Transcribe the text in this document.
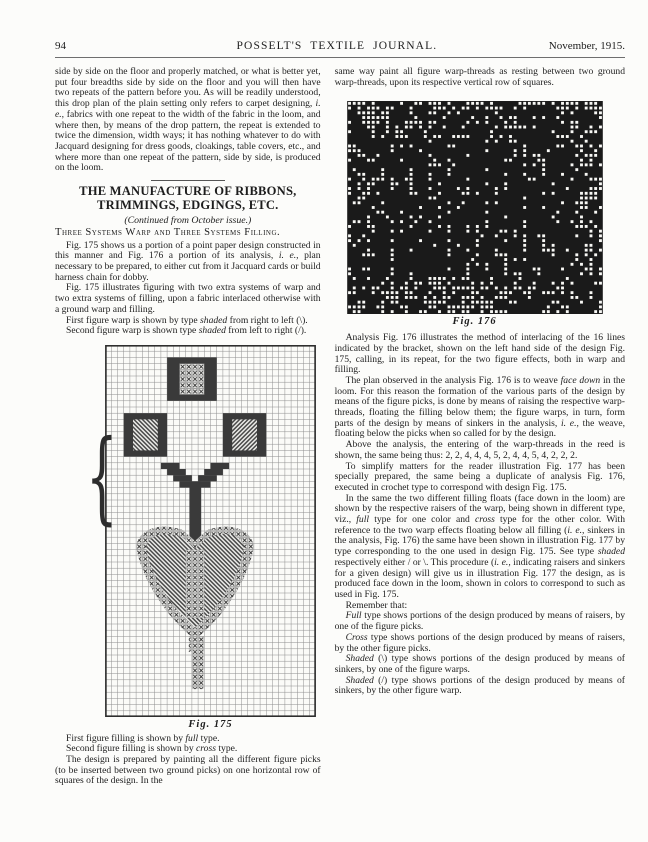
94	POSSELT'S TEXTILE JOURNAL.	November, 1915.

side by side on the floor and properly matched, or what is better yet, put four breadths side by side on the floor and you will then have two repeats of the pattern before you. As will be readily understood, this drop plan of the plain setting only refers to carpet designing, i. e., fabrics with one repeat to the width of the fabric in the loom, and where then, by means of the drop pattern, the repeat is extended to twice the dimension, width ways; it has nothing whatever to do with Jacquard designing for dress goods, cloakings, table covers, etc., and where more than one repeat of the pattern, side by side, is produced on the loom.

THE MANUFACTURE OF RIBBONS,
TRIMMINGS, EDGINGS, ETC.
(Continued from October issue.)
Three Systems Warp and Three Systems Filling.

Fig. 175 shows us a portion of a point paper design constructed in this manner and Fig. 176 a portion of its analysis, i. e., plan necessary to be prepared, to either cut from it Jacquard cards or build harness chain for dobby.

Fig. 175 illustrates figuring with two extra systems of warp and two extra systems of filling, upon a fabric interlaced otherwise with a ground warp and filling.

First figure warp is shown by type shaded from right to left (\).

Second figure warp is shown type shaded from left to right (/).

{
Fig. 175

First figure filling is shown by full type.

Second figure filling is shown by cross type.

The design is prepared by painting all the different figure picks (to be inserted between two ground picks) on one horizontal row of squares of the design. In the

same way paint all figure warp-threads as resting between two ground warp-threads, upon its respective vertical row of squares.

Fig. 176

Analysis Fig. 176 illustrates the method of interlacing of the 16 lines indicated by the bracket, shown on the left hand side of the design Fig. 175, calling, in its repeat, for the two figure effects, both in warp and filling.

The plan observed in the analysis Fig. 176 is to weave face down in the loom. For this reason the formation of the various parts of the design by means of the figure picks, is done by means of raising the respective warp-threads, floating the filling below them; the figure warps, in turn, form parts of the design by means of sinkers in the analysis, i. e., the weave, floating below the picks when so called for by the design.

Above the analysis, the entering of the warp-threads in the reed is shown, the same being thus: 2, 2, 4, 4, 4, 5, 2, 4, 4, 5, 4, 2, 2, 2.

To simplify matters for the reader illustration Fig. 177 has been specially prepared, the same being a duplicate of analysis Fig. 176, executed in crochet type to correspond with design Fig. 175.

In the same the two different filling floats (face down in the loom) are shown by the respective raisers of the warp, being shown in different type, viz., full type for one color and cross type for the other color. With reference to the two warp effects floating below all filling (i. e., sinkers in the analysis, Fig. 176) the same have been shown in illustration Fig. 177 by type corresponding to the one used in design Fig. 175. See type shaded respectively either / or \. This procedure (i. e., indicating raisers and sinkers for a given design) will give us in illustration Fig. 177 the design, as is produced face down in the loom, shown in colors to correspond to such as used in Fig. 175.

Remember that:

Full type shows portions of the design produced by means of raisers, by one of the figure picks.

Cross type shows portions of the design produced by means of raisers, by the other figure picks.

Shaded (\) type shows portions of the design produced by means of sinkers, by one of the figure warps.

Shaded (/) type shows portions of the design produced by means of sinkers, by the other figure warp.
